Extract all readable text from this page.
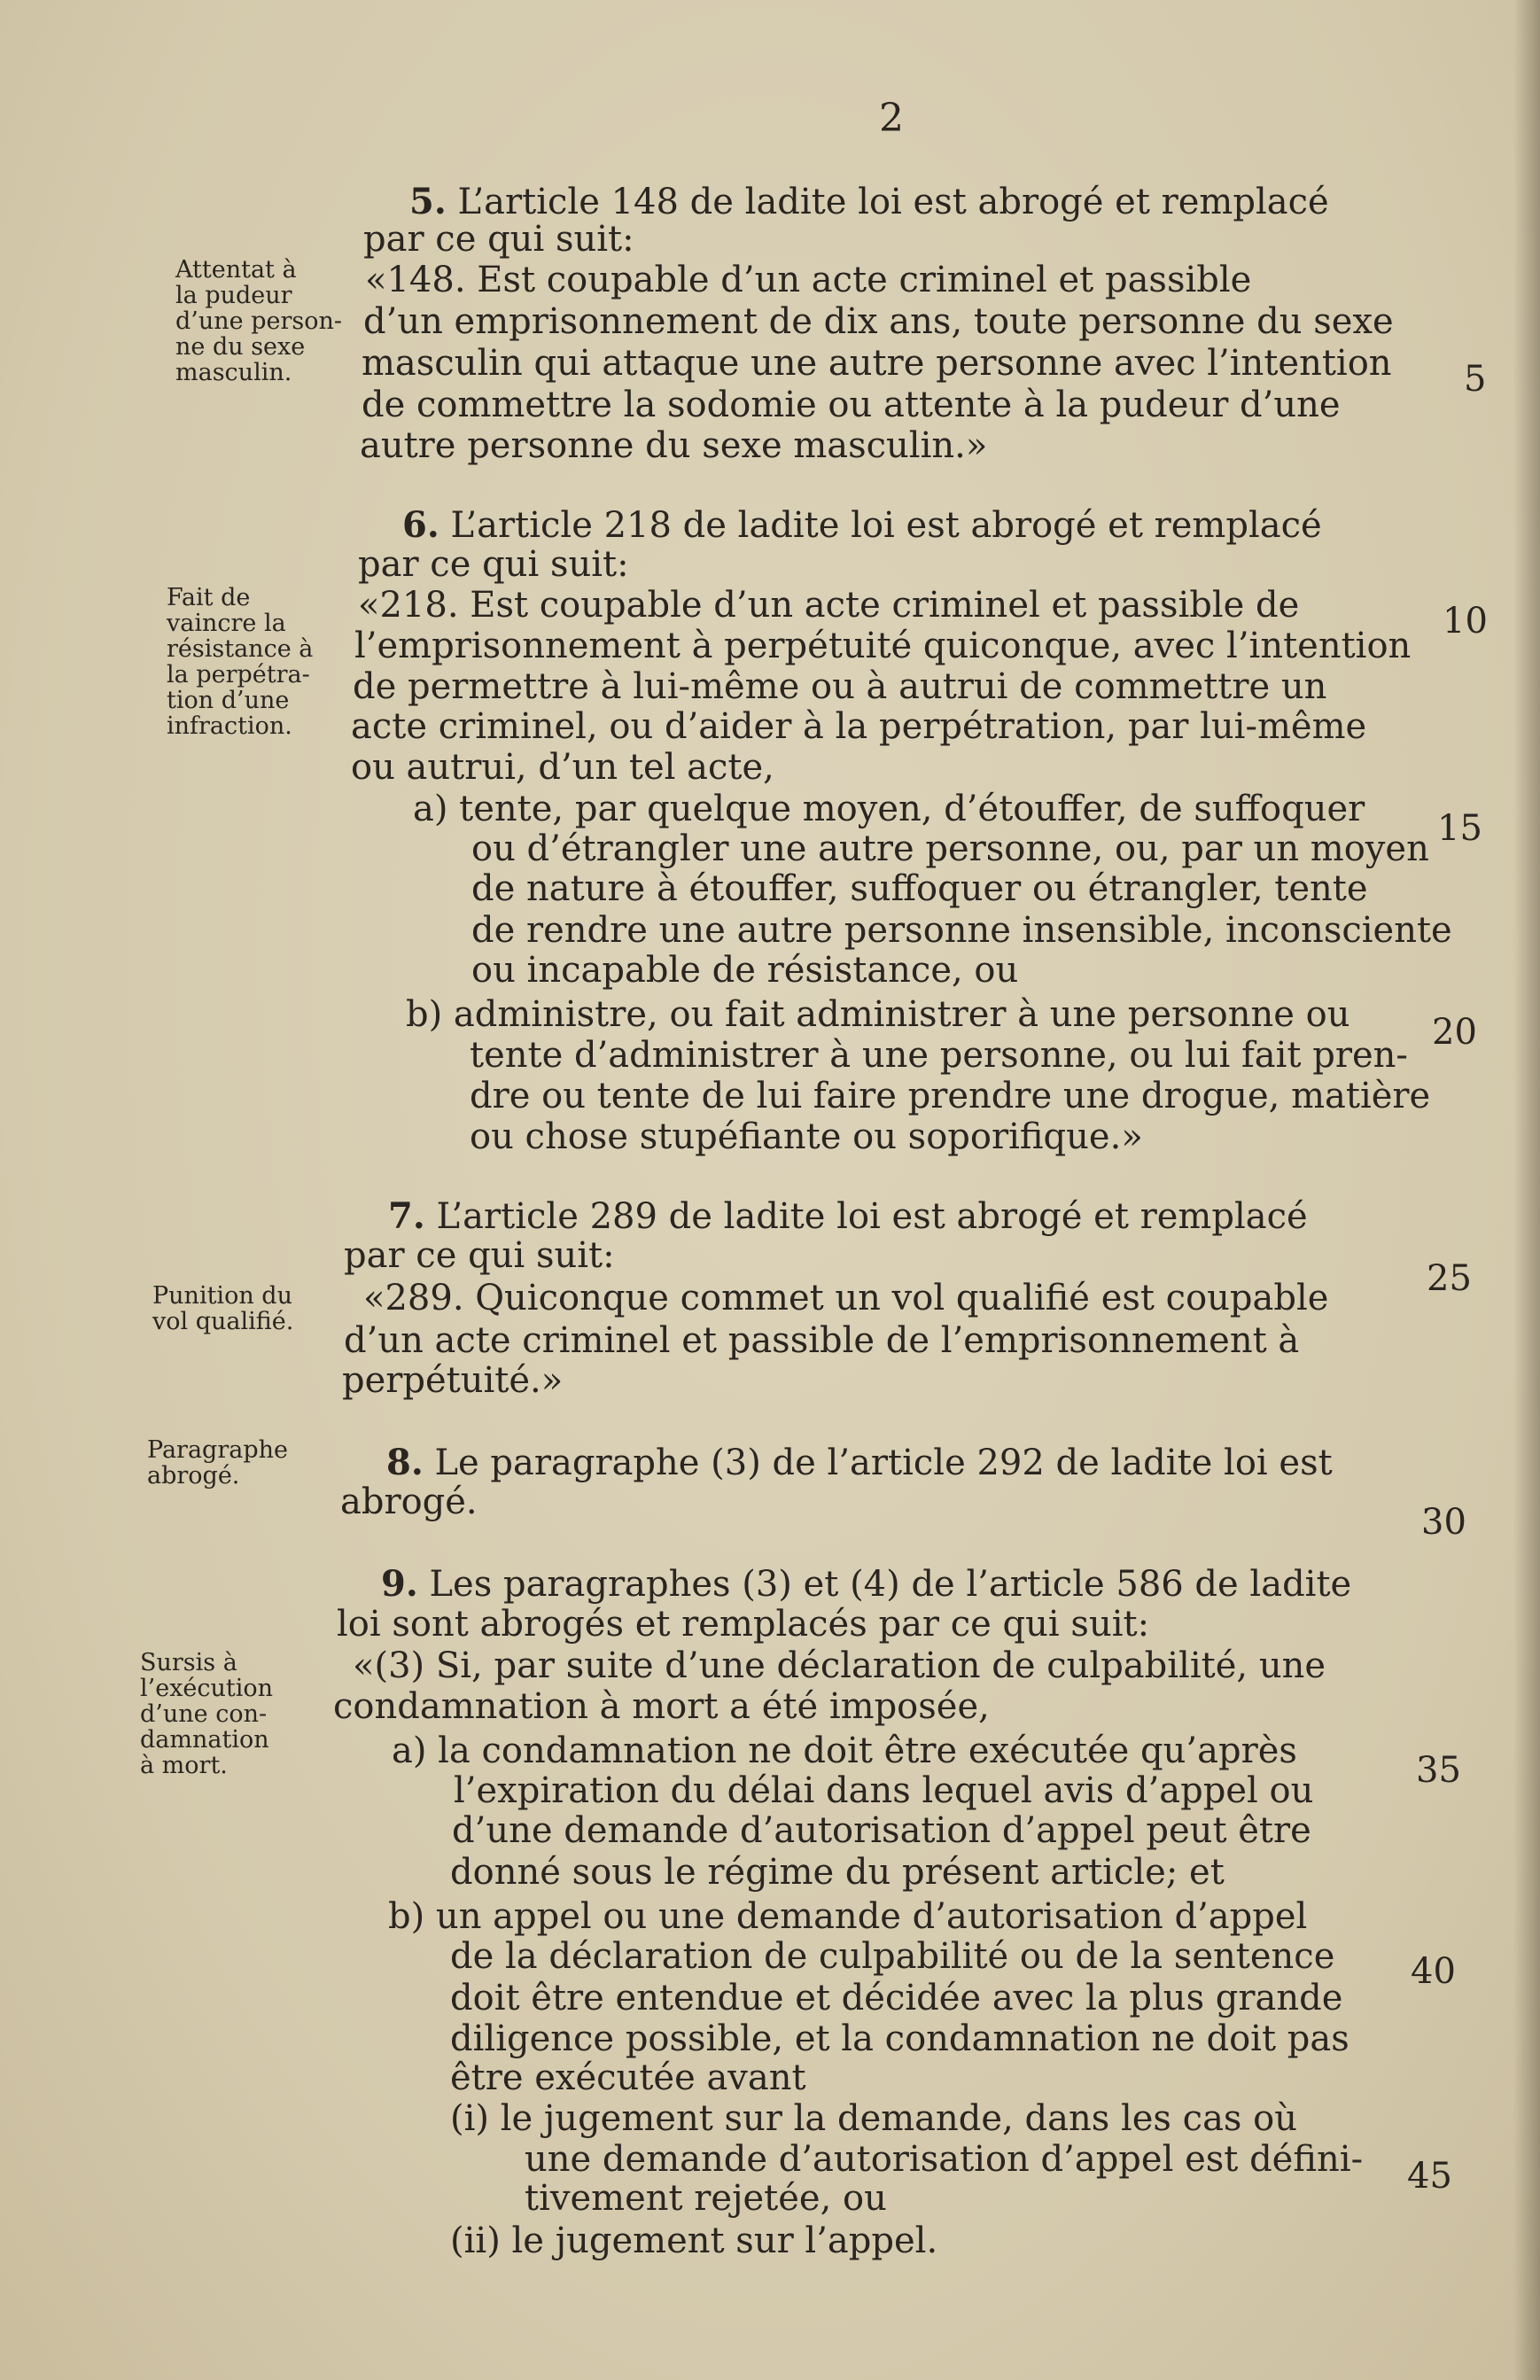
2
Attentat à
la pudeur
d’une person-
ne du sexe
masculin.
Fait de
vaincre la
résistance à
la perpétra-
tion d’une
infraction.
Punition du
vol qualifié.
Paragraphe
abrogé.
Sursis à
l’exécution
d’une con-
damnation
à mort.
5
10
15
20
25
30
35
40
45
5. L’article 148 de ladite loi est abrogé et remplacé
par ce qui suit:
«148. Est coupable d’un acte criminel et passible
d’un emprisonnement de dix ans, toute personne du sexe
masculin qui attaque une autre personne avec l’intention
de commettre la sodomie ou attente à la pudeur d’une
autre personne du sexe masculin.»
6. L’article 218 de ladite loi est abrogé et remplacé
par ce qui suit:
«218. Est coupable d’un acte criminel et passible de
l’emprisonnement à perpétuité quiconque, avec l’intention
de permettre à lui-même ou à autrui de commettre un
acte criminel, ou d’aider à la perpétration, par lui-même
ou autrui, d’un tel acte,
a) tente, par quelque moyen, d’étouffer, de suffoquer
ou d’étrangler une autre personne, ou, par un moyen
de nature à étouffer, suffoquer ou étrangler, tente
de rendre une autre personne insensible, inconsciente
ou incapable de résistance, ou
b) administre, ou fait administrer à une personne ou
tente d’administrer à une personne, ou lui fait pren-
dre ou tente de lui faire prendre une drogue, matière
ou chose stupéfiante ou soporifique.»
7. L’article 289 de ladite loi est abrogé et remplacé
par ce qui suit:
«289. Quiconque commet un vol qualifié est coupable
d’un acte criminel et passible de l’emprisonnement à
perpétuité.»
8. Le paragraphe (3) de l’article 292 de ladite loi est
abrogé.
9. Les paragraphes (3) et (4) de l’article 586 de ladite
loi sont abrogés et remplacés par ce qui suit:
«(3) Si, par suite d’une déclaration de culpabilité, une
condamnation à mort a été imposée,
a) la condamnation ne doit être exécutée qu’après
l’expiration du délai dans lequel avis d’appel ou
d’une demande d’autorisation d’appel peut être
donné sous le régime du présent article; et
b) un appel ou une demande d’autorisation d’appel
de la déclaration de culpabilité ou de la sentence
doit être entendue et décidée avec la plus grande
diligence possible, et la condamnation ne doit pas
être exécutée avant
(i) le jugement sur la demande, dans les cas où
une demande d’autorisation d’appel est défini-
tivement rejetée, ou
(ii) le jugement sur l’appel.
